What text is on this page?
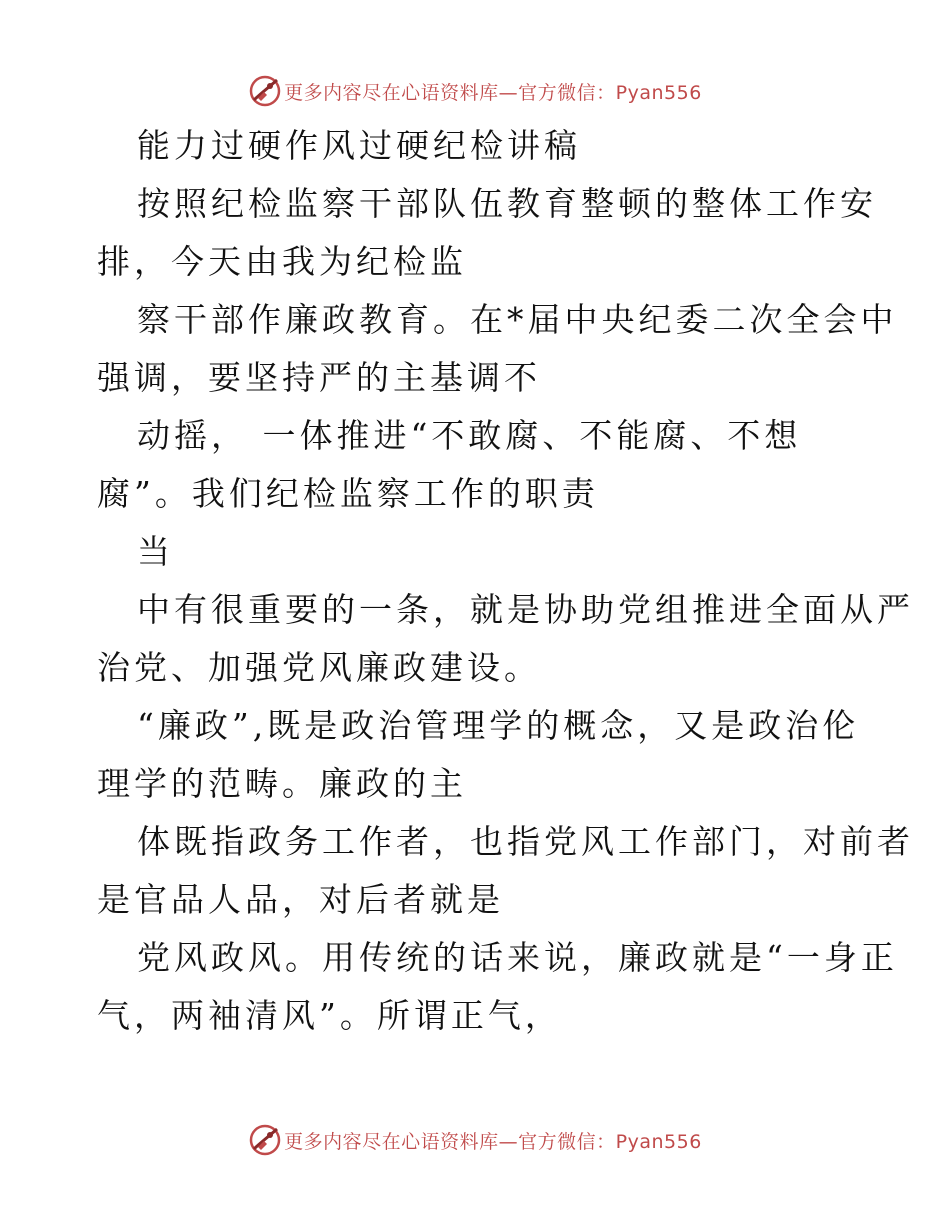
更多内容尽在心语资料库—官方微信：Pyan556
能力过硬作风过硬纪检讲稿
按照纪检监察干部队伍教育整顿的整体工作安
排，今天由我为纪检监
察干部作廉政教育。在*届中央纪委二次全会中
强调，要坚持严的主基调不
动摇， 一体推进“不敢腐、不能腐、不想
腐”。我们纪检监察工作的职责
当
中有很重要的一条，就是协助党组推进全面从严
治党、加强党风廉政建设。
“廉政”,既是政治管理学的概念，又是政治伦
理学的范畴。廉政的主
体既指政务工作者，也指党风工作部门，对前者
是官品人品，对后者就是
党风政风。用传统的话来说，廉政就是“一身正
气，两袖清风”。所谓正气，
更多内容尽在心语资料库—官方微信：Pyan556
